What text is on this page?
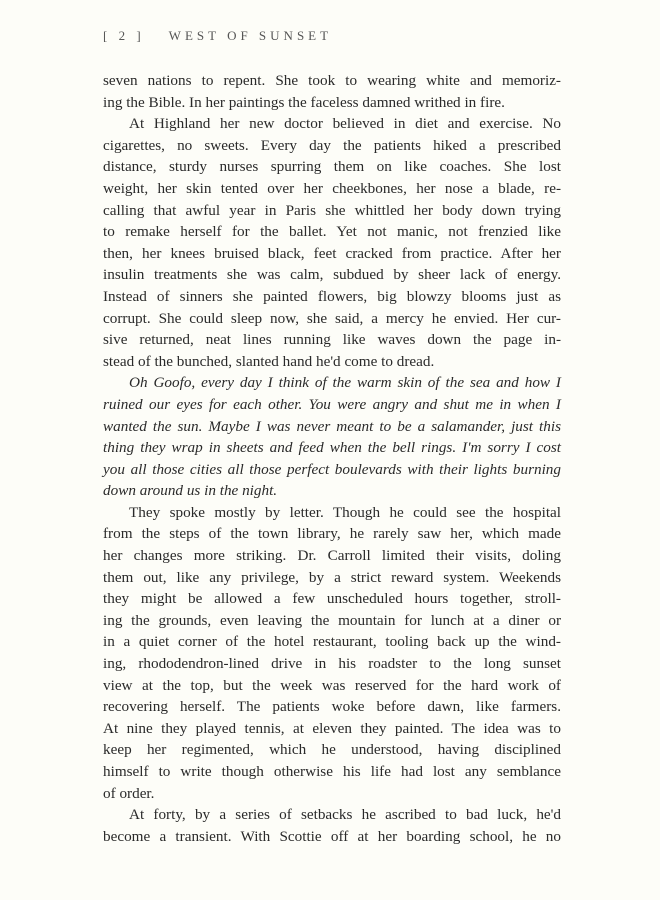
[ 2 ] WEST OF SUNSET
seven nations to repent. She took to wearing white and memoriz-
ing the Bible. In her paintings the faceless damned writhed in fire.
At Highland her new doctor believed in diet and exercise. No
cigarettes, no sweets. Every day the patients hiked a prescribed
distance, sturdy nurses spurring them on like coaches. She lost
weight, her skin tented over her cheekbones, her nose a blade, re-
calling that awful year in Paris she whittled her body down trying
to remake herself for the ballet. Yet not manic, not frenzied like
then, her knees bruised black, feet cracked from practice. After her
insulin treatments she was calm, subdued by sheer lack of energy.
Instead of sinners she painted flowers, big blowzy blooms just as
corrupt. She could sleep now, she said, a mercy he envied. Her cur-
sive returned, neat lines running like waves down the page in-
stead of the bunched, slanted hand he'd come to dread.
Oh Goofo, every day I think of the warm skin of the sea and how I
ruined our eyes for each other. You were angry and shut me in when I
wanted the sun. Maybe I was never meant to be a salamander, just this
thing they wrap in sheets and feed when the bell rings. I'm sorry I cost
you all those cities all those perfect boulevards with their lights burning
down around us in the night.
They spoke mostly by letter. Though he could see the hospital
from the steps of the town library, he rarely saw her, which made
her changes more striking. Dr. Carroll limited their visits, doling
them out, like any privilege, by a strict reward system. Weekends
they might be allowed a few unscheduled hours together, stroll-
ing the grounds, even leaving the mountain for lunch at a diner or
in a quiet corner of the hotel restaurant, tooling back up the wind-
ing, rhododendron-lined drive in his roadster to the long sunset
view at the top, but the week was reserved for the hard work of
recovering herself. The patients woke before dawn, like farmers.
At nine they played tennis, at eleven they painted. The idea was to
keep her regimented, which he understood, having disciplined
himself to write though otherwise his life had lost any semblance
of order.
At forty, by a series of setbacks he ascribed to bad luck, he'd
become a transient. With Scottie off at her boarding school, he no
